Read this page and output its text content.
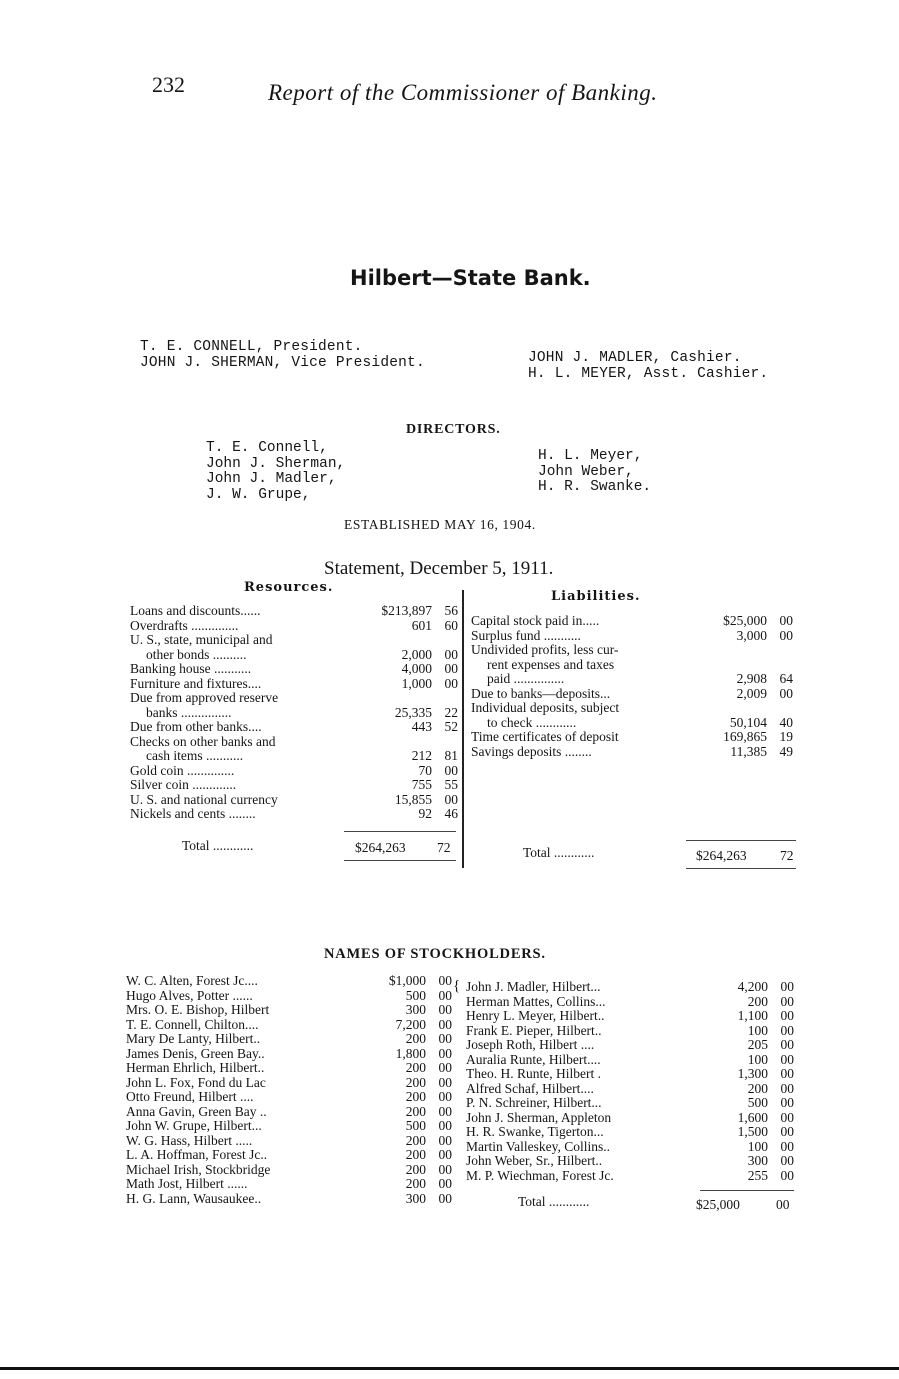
232	Report of the Commissioner of Banking.
Hilbert—State Bank.
T. E. CONNELL, President.
JOHN J. SHERMAN, Vice President.	JOHN J. MADLER, Cashier.
H. L. MEYER, Asst. Cashier.
DIRECTORS.
T. E. Connell,
John J. Sherman,
John J. Madler,
J. W. Grupe,
H. L. Meyer,
John Weber,
H. R. Swanke.
ESTABLISHED MAY 16, 1904.
Statement, December 5, 1911.
Resources.
Liabilities.
Loans and discounts......	$213,897	56
Overdrafts ..............	601	60
U. S., state, municipal and		
other bonds ..........	2,000	00
Banking house ...........	4,000	00
Furniture and fixtures....	1,000	00
Due from approved reserve		
banks ...............	25,335	22
Due from other banks....	443	52
Checks on other banks and		
cash items ...........	212	81
Gold coin ..............	70	00
Silver coin .............	755	55
U. S. and national currency	15,855	00
Nickels and cents ........	92	46
Total ............	$264,263 72
Capital stock paid in.....	$25,000	00
Surplus fund ...........	3,000	00
Undivided profits, less cur-		
rent expenses and taxes		
paid ...............	2,908	64
Due to banks—deposits...	2,009	00
Individual deposits, subject		
to check ............	50,104	40
Time certificates of deposit	169,865	19
Savings deposits ........	11,385	49
Total ............	$264,263 72
NAMES OF STOCKHOLDERS.
W. C. Alten, Forest Jc....	$1,000	00
Hugo Alves, Potter ......	500	00
Mrs. O. E. Bishop, Hilbert	300	00
T. E. Connell, Chilton....	7,200	00
Mary De Lanty, Hilbert..	200	00
James Denis, Green Bay..	1,800	00
Herman Ehrlich, Hilbert..	200	00
John L. Fox, Fond du Lac	200	00
Otto Freund, Hilbert ....	200	00
Anna Gavin, Green Bay ..	200	00
John W. Grupe, Hilbert...	500	00
W. G. Hass, Hilbert .....	200	00
L. A. Hoffman, Forest Jc..	200	00
Michael Irish, Stockbridge	200	00
Math Jost, Hilbert ......	200	00
H. G. Lann, Wausaukee..	300	00
{ John J. Madler, Hilbert...	4,200	00
Herman Mattes, Collins...	200	00
Henry L. Meyer, Hilbert..	1,100	00
Frank E. Pieper, Hilbert..	100	00
Joseph Roth, Hilbert ....	205	00
Auralia Runte, Hilbert....	100	00
Theo. H. Runte, Hilbert .	1,300	00
Alfred Schaf, Hilbert....	200	00
P. N. Schreiner, Hilbert...	500	00
John J. Sherman, Appleton	1,600	00
H. R. Swanke, Tigerton...	1,500	00
Martin Valleskey, Collins..	100	00
John Weber, Sr., Hilbert..	300	00
M. P. Wiechman, Forest Jc.	255	00
Total ............	$25,000	00
